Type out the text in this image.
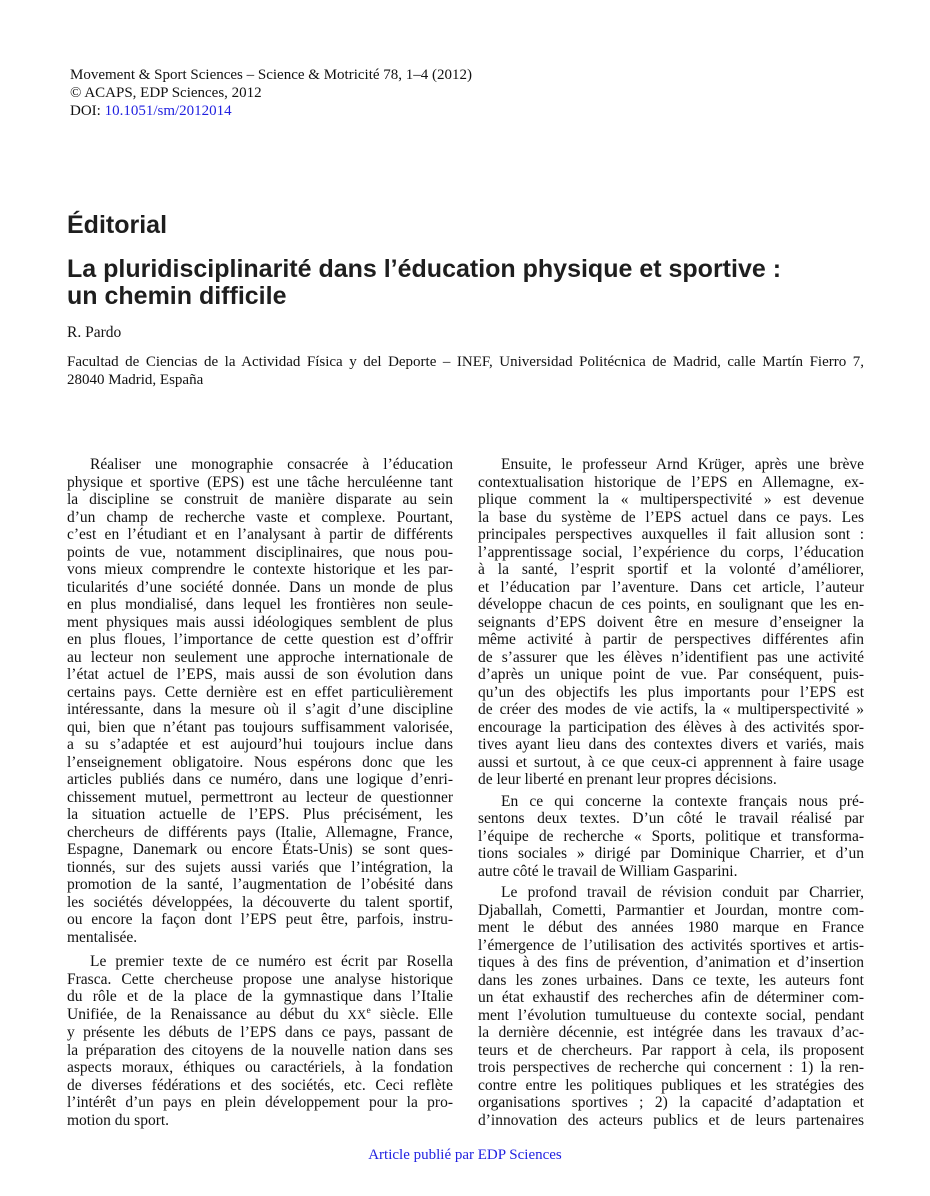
Movement & Sport Sciences – Science & Motricité 78, 1–4 (2012)
© ACAPS, EDP Sciences, 2012
DOI: 10.1051/sm/2012014
Éditorial
La pluridisciplinarité dans l’éducation physique et sportive :
un chemin difficile
R. Pardo
Facultad de Ciencias de la Actividad Física y del Deporte – INEF, Universidad Politécnica de Madrid, calle Martín Fierro 7,
28040 Madrid, España
Réaliser une monographie consacrée à l’éducation
physique et sportive (EPS) est une tâche herculéenne tant
la discipline se construit de manière disparate au sein
d’un champ de recherche vaste et complexe. Pourtant,
c’est en l’étudiant et en l’analysant à partir de différents
points de vue, notamment disciplinaires, que nous pou-
vons mieux comprendre le contexte historique et les par-
ticularités d’une société donnée. Dans un monde de plus
en plus mondialisé, dans lequel les frontières non seule-
ment physiques mais aussi idéologiques semblent de plus
en plus floues, l’importance de cette question est d’offrir
au lecteur non seulement une approche internationale de
l’état actuel de l’EPS, mais aussi de son évolution dans
certains pays. Cette dernière est en effet particulièrement
intéressante, dans la mesure où il s’agit d’une discipline
qui, bien que n’étant pas toujours suffisamment valorisée,
a su s’adaptée et est aujourd’hui toujours inclue dans
l’enseignement obligatoire. Nous espérons donc que les
articles publiés dans ce numéro, dans une logique d’enri-
chissement mutuel, permettront au lecteur de questionner
la situation actuelle de l’EPS. Plus précisément, les
chercheurs de différents pays (Italie, Allemagne, France,
Espagne, Danemark ou encore États-Unis) se sont ques-
tionnés, sur des sujets aussi variés que l’intégration, la
promotion de la santé, l’augmentation de l’obésité dans
les sociétés développées, la découverte du talent sportif,
ou encore la façon dont l’EPS peut être, parfois, instru-
mentalisée.
Le premier texte de ce numéro est écrit par Rosella
Frasca. Cette chercheuse propose une analyse historique
du rôle et de la place de la gymnastique dans l’Italie
Unifiée, de la Renaissance au début du XXe siècle. Elle
y présente les débuts de l’EPS dans ce pays, passant de
la préparation des citoyens de la nouvelle nation dans ses
aspects moraux, éthiques ou caractériels, à la fondation
de diverses fédérations et des sociétés, etc. Ceci reflète
l’intérêt d’un pays en plein développement pour la pro-
motion du sport.
Ensuite, le professeur Arnd Krüger, après une brève
contextualisation historique de l’EPS en Allemagne, ex-
plique comment la « multiperspectivité » est devenue
la base du système de l’EPS actuel dans ce pays. Les
principales perspectives auxquelles il fait allusion sont :
l’apprentissage social, l’expérience du corps, l’éducation
à la santé, l’esprit sportif et la volonté d’améliorer,
et l’éducation par l’aventure. Dans cet article, l’auteur
développe chacun de ces points, en soulignant que les en-
seignants d’EPS doivent être en mesure d’enseigner la
même activité à partir de perspectives différentes afin
de s’assurer que les élèves n’identifient pas une activité
d’après un unique point de vue. Par conséquent, puis-
qu’un des objectifs les plus importants pour l’EPS est
de créer des modes de vie actifs, la « multiperspectivité »
encourage la participation des élèves à des activités spor-
tives ayant lieu dans des contextes divers et variés, mais
aussi et surtout, à ce que ceux-ci apprennent à faire usage
de leur liberté en prenant leur propres décisions.
En ce qui concerne la contexte français nous pré-
sentons deux textes. D’un côté le travail réalisé par
l’équipe de recherche « Sports, politique et transforma-
tions sociales » dirigé par Dominique Charrier, et d’un
autre côté le travail de William Gasparini.
Le profond travail de révision conduit par Charrier,
Djaballah, Cometti, Parmantier et Jourdan, montre com-
ment le début des années 1980 marque en France
l’émergence de l’utilisation des activités sportives et artis-
tiques à des fins de prévention, d’animation et d’insertion
dans les zones urbaines. Dans ce texte, les auteurs font
un état exhaustif des recherches afin de déterminer com-
ment l’évolution tumultueuse du contexte social, pendant
la dernière décennie, est intégrée dans les travaux d’ac-
teurs et de chercheurs. Par rapport à cela, ils proposent
trois perspectives de recherche qui concernent : 1) la ren-
contre entre les politiques publiques et les stratégies des
organisations sportives ; 2) la capacité d’adaptation et
d’innovation des acteurs publics et de leurs partenaires
Article publié par EDP Sciences
